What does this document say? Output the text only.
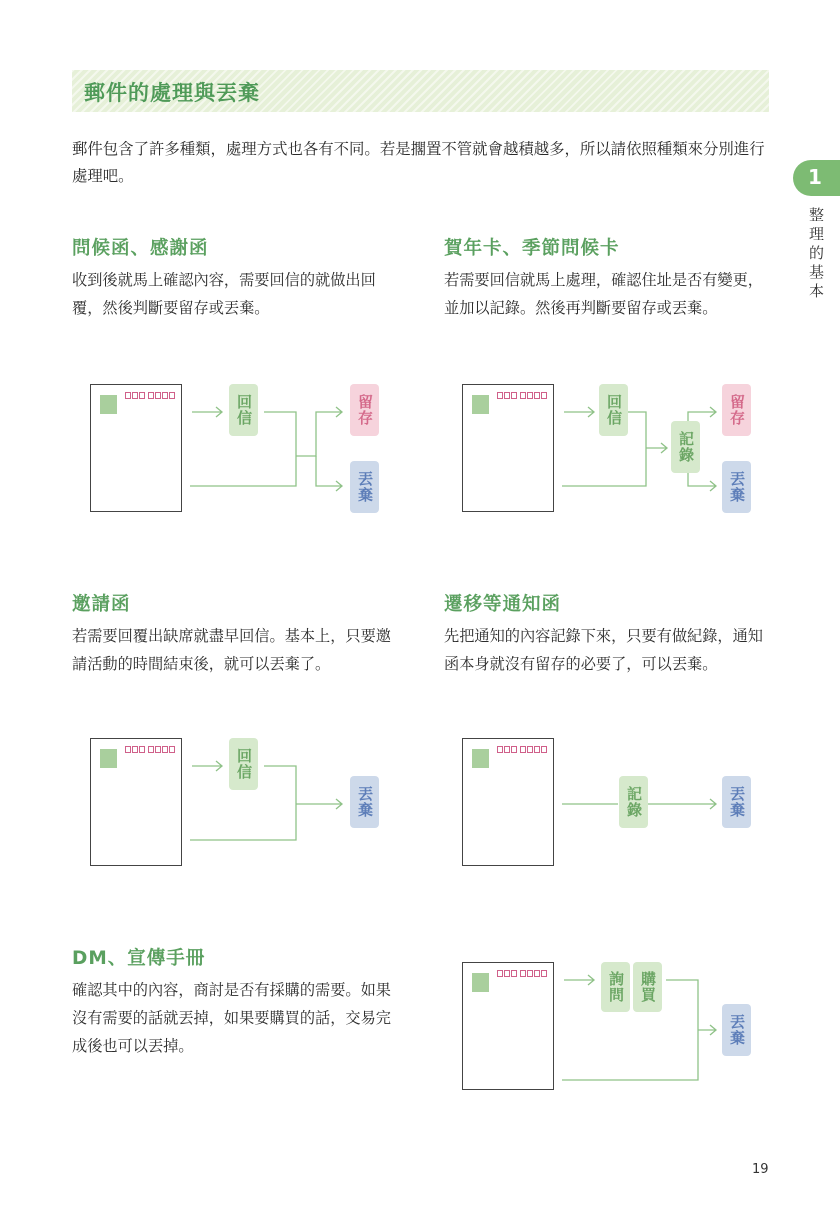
郵件的處理與丟棄
郵件包含了許多種類，處理方式也各有不同。若是擱置不管就會越積越多，所以請依照種類來分別進行處理吧。	1
整理的基本
問候函、感謝函
收到後就馬上確認內容，需要回信的就做出回覆，然後判斷要留存或丟棄。
回信	留存
丟棄
賀年卡、季節問候卡
若需要回信就馬上處理，確認住址是否有變更，並加以記錄。然後再判斷要留存或丟棄。
回信
記錄
留存
丟棄
邀請函
若需要回覆出缺席就盡早回信。基本上，只要邀請活動的時間結束後，就可以丟棄了。
回信
丟棄
遷移等通知函
先把通知的內容記錄下來，只要有做紀錄，通知函本身就沒有留存的必要了，可以丟棄。
記錄	丟棄
DM、宣傳手冊
確認其中的內容，商討是否有採購的需要。如果沒有需要的話就丟掉，如果要購買的話，交易完成後也可以丟掉。
詢問 購買
丟棄
19
